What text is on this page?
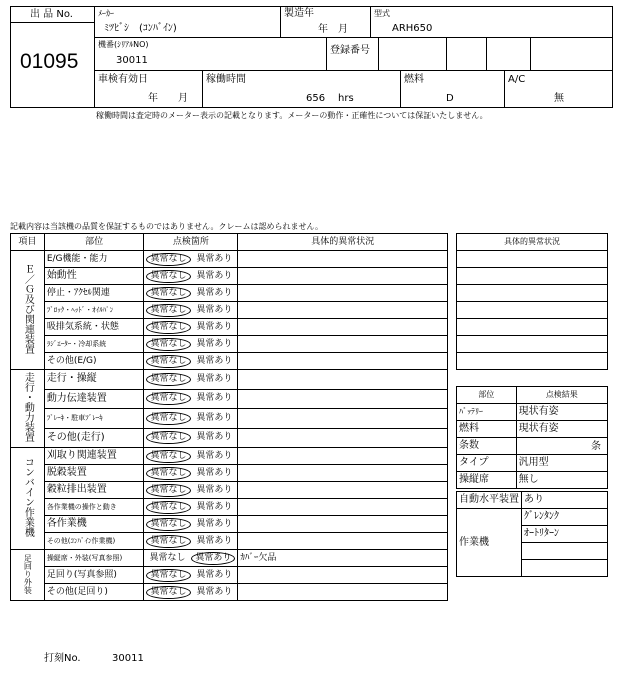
出 品 No.
01095
ﾒｰｶｰ
ﾐﾂﾋﾞｼ　(ｺﾝﾊﾞｲﾝ)
製造年
年　月
型式
ARH650
機番(ｼﾘｱﾙNO)
30011
登録番号
車検有効日
年　　月
稼働時間
656 hrs
燃料
D
A/C
無
稼働時間は査定時のメーター表示の記載となります。メーターの動作・正確性については保証いたしません。
記載内容は当該機の品質を保証するものではありません。クレームは認められません。
項目	部位	点検箇所	具体的異常状況
Ｅ／Ｇ及び関連装置	E/G機能・能力	異常なし 異常あり	
	始動性	異常なし 異常あり	
	停止・ｱｸｾﾙ関連	異常なし 異常あり	
	ﾌﾞﾛｯｸ・ﾍｯﾄﾞ・ｵｲﾙﾊﾟﾝ	異常なし 異常あり	
	吸排気系統・状態	異常なし 異常あり	
	ﾗｼﾞｴｰﾀｰ・冷却系統	異常なし 異常あり	
	その他(E/G)	異常なし 異常あり	
走行・動力装置	走行・操縦	異常なし 異常あり	
	動力伝達装置	異常なし 異常あり	
	ﾌﾞﾚｰｷ・駐車ﾌﾞﾚｰｷ	異常なし 異常あり	
	その他(走行)	異常なし 異常あり	
コンバイン作業機	刈取り関連装置	異常なし 異常あり	
	脱穀装置	異常なし 異常あり	
	穀粒排出装置	異常なし 異常あり	
	各作業機の操作と動き	異常なし 異常あり	
	各作業機	異常なし 異常あり	
	その他(ｺﾝﾊﾞｲﾝ作業機)	異常なし 異常あり	
足回り外装	操縦席・外装(写真参照)	異常なし 異常あり	ｶﾊﾞｰ欠品
	足回り(写真参照)	異常なし 異常あり	
	その他(足回り)	異常なし 異常あり	
具体的異常状況

部位	点検結果
ﾊﾞｯﾃﾘｰ	現状有姿
燃料	現状有姿
条数	条

タイプ	汎用型
操縦席	無し
自動水平装置	あり
作業機	ｸﾞﾚﾝﾀﾝｸ
	ｵｰﾄﾘﾀｰﾝ

打刻No.	30011
